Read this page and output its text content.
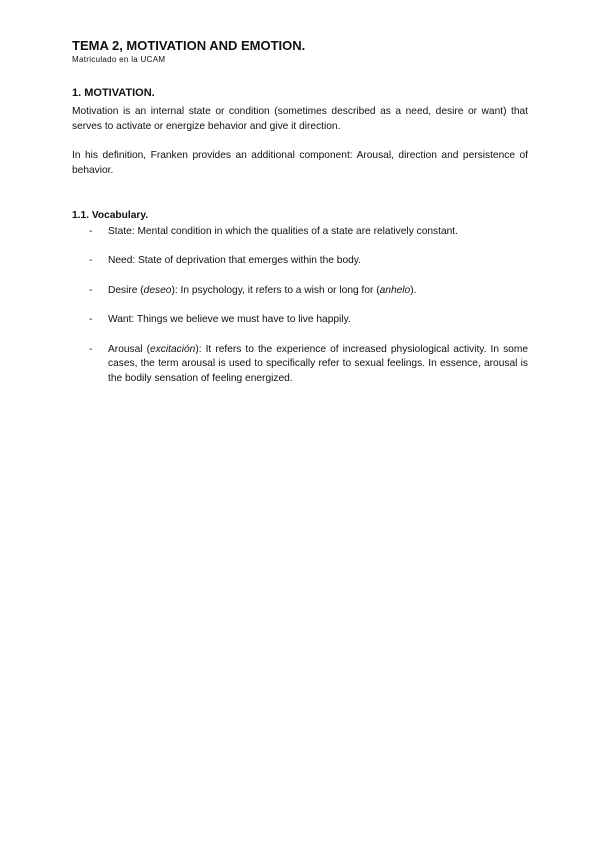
TEMA 2, MOTIVATION AND EMOTION.
Matriculado en la UCAM
1. MOTIVATION.

Motivation is an internal state or condition (sometimes described as a need, desire or want) that serves to activate or energize behavior and give it direction.

In his definition, Franken provides an additional component: Arousal, direction and persistence of behavior.

1.1. Vocabulary.
- State: Mental condition in which the qualities of a state are relatively constant.
- Need: State of deprivation that emerges within the body.
- Desire (deseo): In psychology, it refers to a wish or long for (anhelo).
- Want: Things we believe we must have to live happily.
- Arousal (excitación): It refers to the experience of increased physiological activity. In some cases, the term arousal is used to specifically refer to sexual feelings. In essence, arousal is the bodily sensation of feeling energized.
